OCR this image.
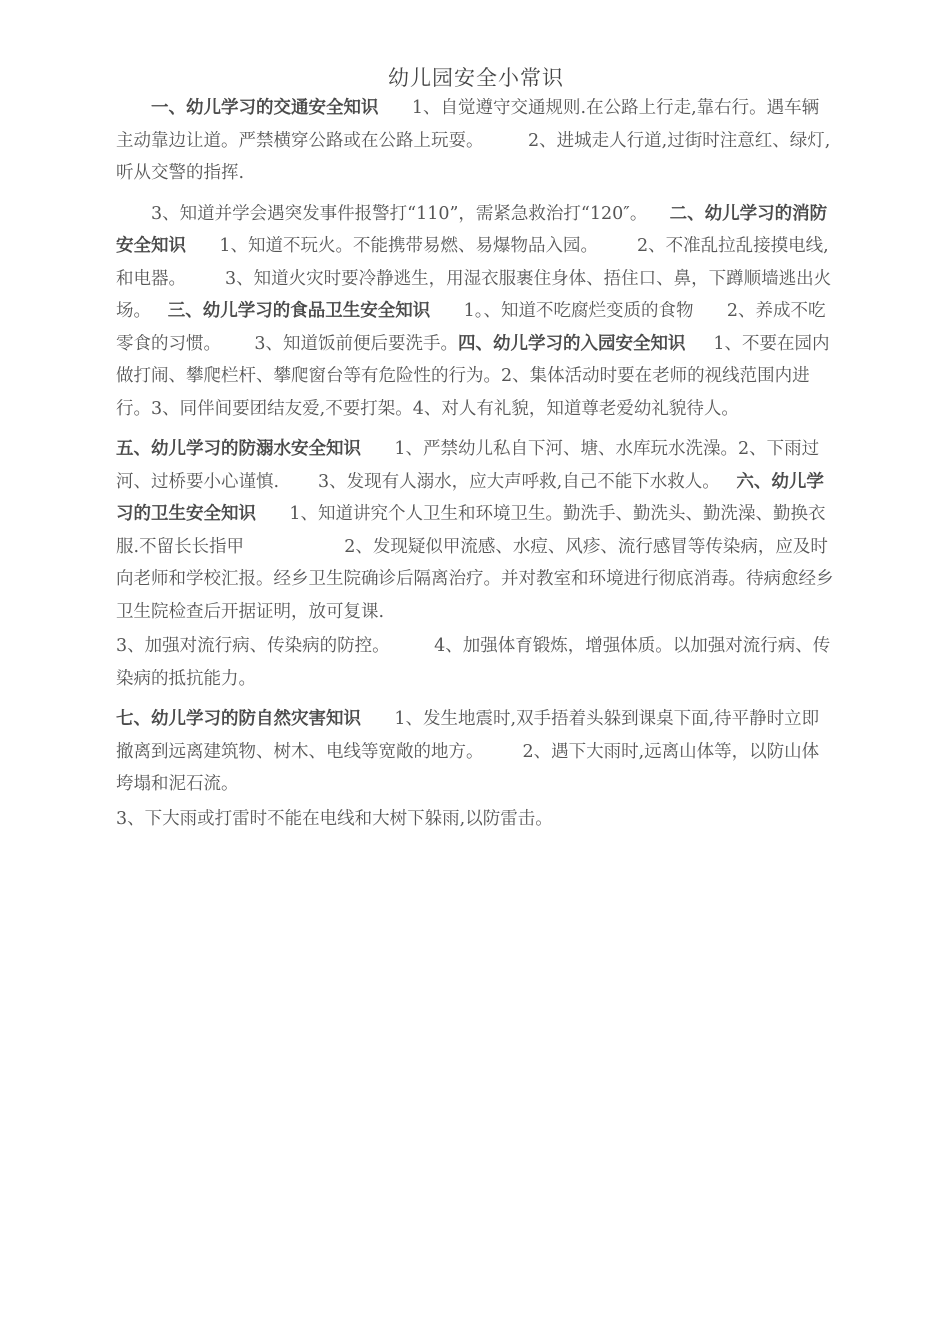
幼儿园安全小常识

一、幼儿学习的交通安全知识 1、自觉遵守交通规则.在公路上行走,靠右行。遇车辆主动靠边让道。严禁横穿公路或在公路上玩耍。	2、进城走人行道,过街时注意红、绿灯,听从交警的指挥.

3、知道并学会遇突发事件报警打“110”，需紧急救治打“120″。 二、幼儿学习的消防安全知识 1、知道不玩火。不能携带易燃、易爆物品入园。 2、不准乱拉乱接摸电线,和电器。 3、知道火灾时要冷静逃生，用湿衣服裹住身体、捂住口、鼻，下蹲顺墙逃出火场。 三、幼儿学习的食品卫生安全知识 1。、知道不吃腐烂变质的食物 2、养成不吃零食的习惯。 3、知道饭前便后要洗手。四、幼儿学习的入园安全知识 1、不要在园内做打闹、攀爬栏杆、攀爬窗台等有危险性的行为。2、集体活动时要在老师的视线范围内进行。3、同伴间要团结友爱,不要打架。4、对人有礼貌，知道尊老爱幼礼貌待人。

五、幼儿学习的防溺水安全知识 1、严禁幼儿私自下河、塘、水库玩水洗澡。2、下雨过河、过桥要小心谨慎. 3、发现有人溺水，应大声呼救,自己不能下水救人。 六、幼儿学习的卫生安全知识 1、知道讲究个人卫生和环境卫生。勤洗手、勤洗头、勤洗澡、勤换衣服.不留长长指甲	2、发现疑似甲流感、水痘、风疹、流行感冒等传染病，应及时向老师和学校汇报。经乡卫生院确诊后隔离治疗。并对教室和环境进行彻底消毒。待病愈经乡卫生院检查后开据证明，放可复课.

3、加强对流行病、传染病的防控。	4、加强体育锻炼，增强体质。以加强对流行病、传染病的抵抗能力。

七、幼儿学习的防自然灾害知识 1、发生地震时,双手捂着头躲到课桌下面,待平静时立即撤离到远离建筑物、树木、电线等宽敞的地方。 2、遇下大雨时,远离山体等，以防山体垮塌和泥石流。

3、下大雨或打雷时不能在电线和大树下躲雨,以防雷击。
